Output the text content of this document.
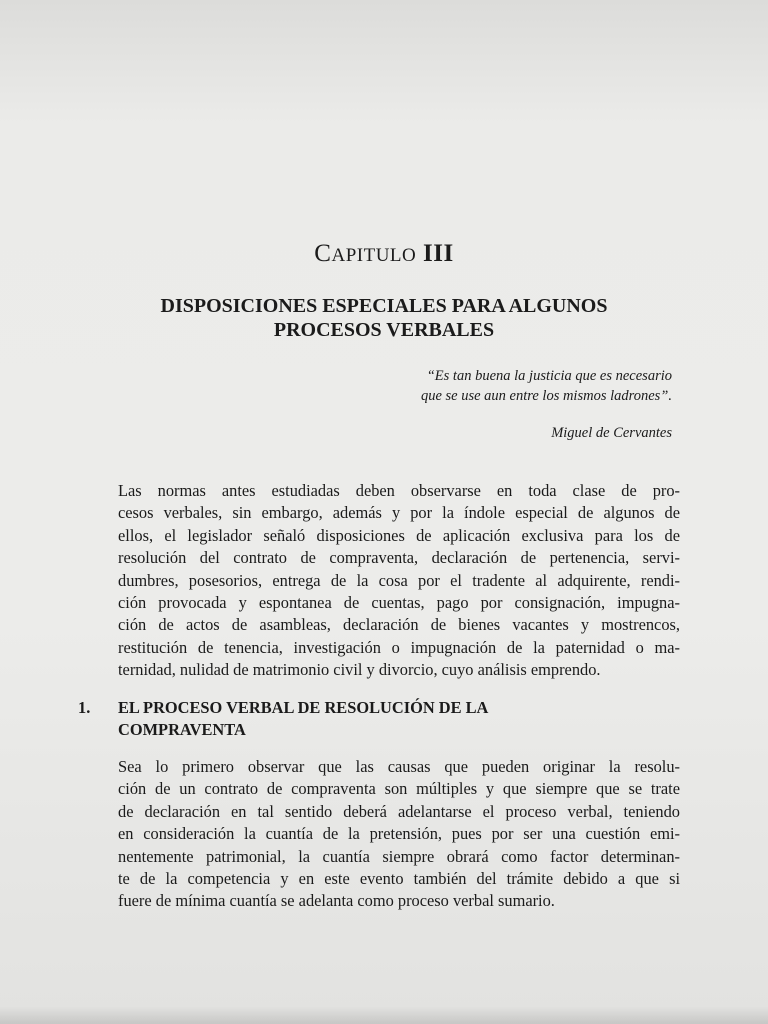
CAPITULO III
DISPOSICIONES ESPECIALES PARA ALGUNOS
PROCESOS VERBALES
“Es tan buena la justicia que es necesario
que se use aun entre los mismos ladrones”.
Miguel de Cervantes

Las normas antes estudiadas deben observarse en toda clase de pro-
cesos verbales, sin embargo, además y por la índole especial de algunos de
ellos, el legislador señaló disposiciones de aplicación exclusiva para los de
resolución del contrato de compraventa, declaración de pertenencia, servi-
dumbres, posesorios, entrega de la cosa por el tradente al adquirente, rendi-
ción provocada y espontanea de cuentas, pago por consignación, impugna-
ción de actos de asambleas, declaración de bienes vacantes y mostrencos,
restitución de tenencia, investigación o impugnación de la paternidad o ma-
ternidad, nulidad de matrimonio civil y divorcio, cuyo análisis emprendo.

1. EL PROCESO VERBAL DE RESOLUCIÓN DE LA
COMPRAVENTA

Sea lo primero observar que las causas que pueden originar la resolu-
ción de un contrato de compraventa son múltiples y que siempre que se trate
de declaración en tal sentido deberá adelantarse el proceso verbal, teniendo
en consideración la cuantía de la pretensión, pues por ser una cuestión emi-
nentemente patrimonial, la cuantía siempre obrará como factor determinan-
te de la competencia y en este evento también del trámite debido a que si
fuere de mínima cuantía se adelanta como proceso verbal sumario.
